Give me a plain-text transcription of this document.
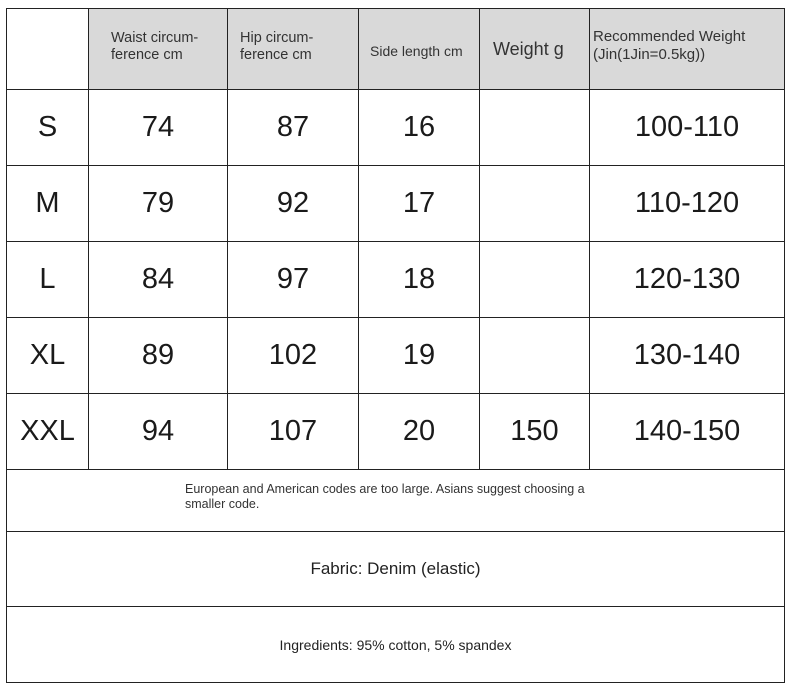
	Waist circum-ference cm	Hip circum-ference cm	Side length cm	Weight g	Recommended Weight (Jin(1Jin=0.5kg))
S	74	87	16		100-110
M	79	92	17		110-120
L	84	97	18		120-130
XL	89	102	19		130-140
XXL	94	107	20	150	140-150

European and American codes are too large. Asians suggest choosing a smaller code.					

Fabric: Denim (elastic)					
Ingredients: 95% cotton, 5% spandex					
